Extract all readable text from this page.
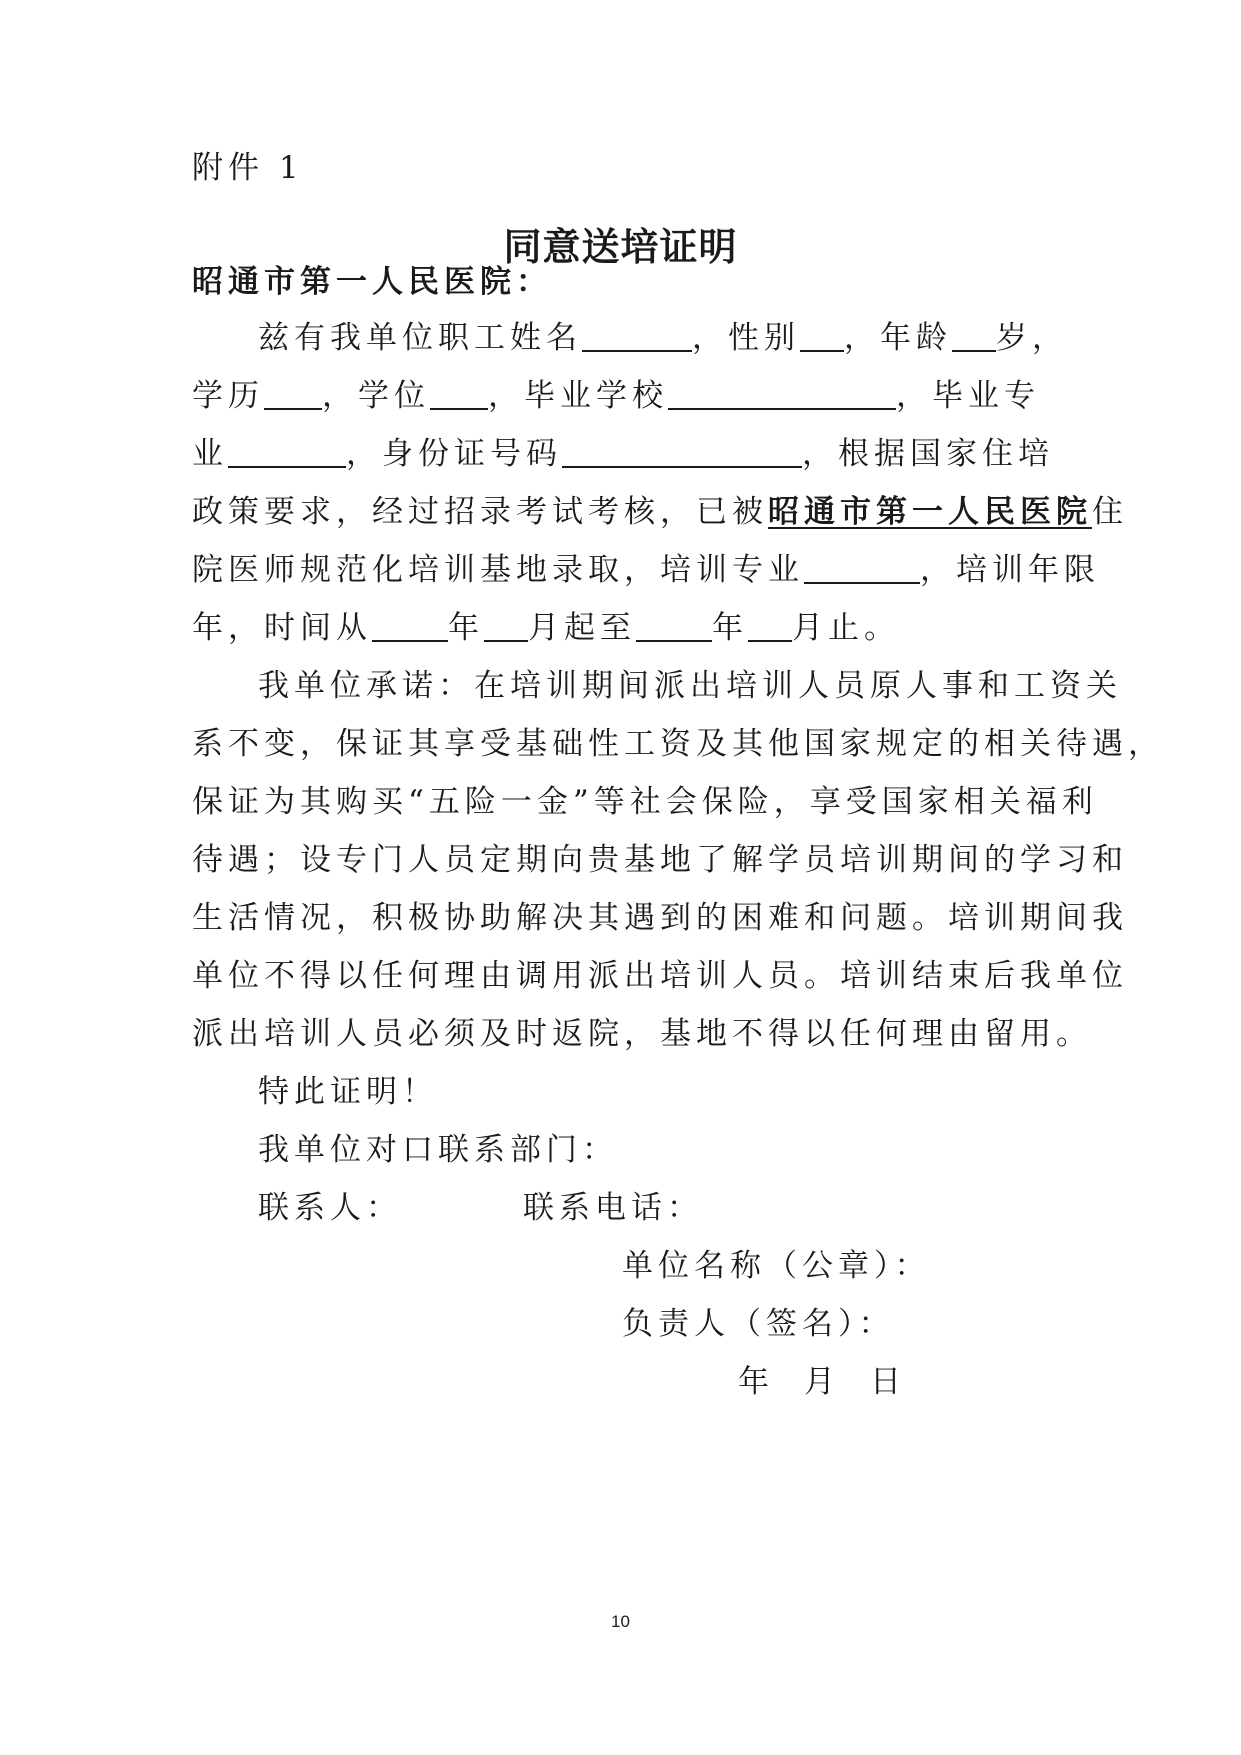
附件 1
同意送培证明
昭通市第一人民医院：
兹有我单位职工姓名	，性别 ，年龄 岁，
学历 ，学位 ，毕业学校	，毕业专
业	，身份证号码	，根据国家住培
政策要求，经过招录考试考核，已被昭通市第一人民医院住
院医师规范化培训基地录取，培训专业	，培训年限
年，时间从 年 月起至 年 月止。
我单位承诺：在培训期间派出培训人员原人事和工资关
系不变，保证其享受基础性工资及其他国家规定的相关待遇，
保证为其购买“五险一金”等社会保险，享受国家相关福利
待遇；设专门人员定期向贵基地了解学员培训期间的学习和
生活情况，积极协助解决其遇到的困难和问题。培训期间我
单位不得以任何理由调用派出培训人员。培训结束后我单位
派出培训人员必须及时返院，基地不得以任何理由留用。
特此证明！
我单位对口联系部门：
联系人：	联系电话：
单位名称（公章）：
负责人（签名）：
年 月 日
10
